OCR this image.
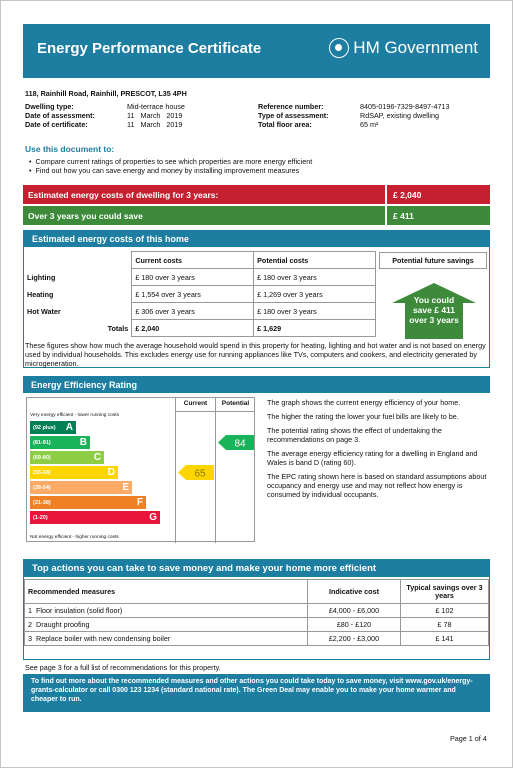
Energy Performance Certificate	HM Government
118, Rainhill Road, Rainhill, PRESCOT, L35 4PH
Dwelling type:	Mid-terrace house
Date of assessment:	11   March   2019
Date of certificate:	11   March   2019
Reference number:	8405-0196-7329-8497-4713
Type of assessment:	RdSAP, existing dwelling
Total floor area:	65 m²
Use this document to:
•  Compare current ratings of properties to see which properties are more energy efficient
•  Find out how you can save energy and money by installing improvement measures
Estimated energy costs of dwelling for 3 years:	£ 2,040
Over 3 years you could save	£ 411
Estimated energy costs of this home
	Current costs	Potential costs
Lighting	£ 180 over 3 years	£ 180 over 3 years
Heating	£ 1,554 over 3 years	£ 1,269 over 3 years
Hot Water	£ 306 over 3 years	£ 180 over 3 years
Totals	£ 2,040	£ 1,629
Potential future savings
You could
save £ 411
over 3 years
These figures show how much the average household would spend in this property for heating, lighting and hot water and is not based on energy used by individual households. This excludes energy use for running appliances like TVs, computers and cookers, and electricity generated by microgeneration.
Energy Efficiency Rating
Current	Potential
Very energy efficient - lower running costs
(92 plus) A
(81-91)	B
(69-80)	C
(55-68)	D
(39-54)	E
(21-38)	F
(1-20)	G
Not energy efficient - higher running costs
65
84
The graph shows the current energy efficiency of your home.
The higher the rating the lower your fuel bills are likely to be.
The potential rating shows the effect of undertaking the recommendations on page 3.
The average energy efficiency rating for a dwelling in England and Wales is band D (rating 60).
The EPC rating shown here is based on standard assumptions about occupancy and energy use and may not reflect how energy is consumed by individual occupants.
Top actions you can take to save money and make your home more efficient
Recommended measures	Indicative cost	Typical savings over 3 years
1 Floor insulation (solid floor)	£4,000 - £6,000	£ 102
2 Draught proofing	£80 - £120	£ 78
3 Replace boiler with new condensing boiler	£2,200 - £3,000	£ 141
See page 3 for a full list of recommendations for this property.
To find out more about the recommended measures and other actions you could take today to save money, visit www.gov.uk/energy-grants-calculator or call 0300 123 1234 (standard national rate). The Green Deal may enable you to make your home warmer and cheaper to run.
Page 1 of 4
